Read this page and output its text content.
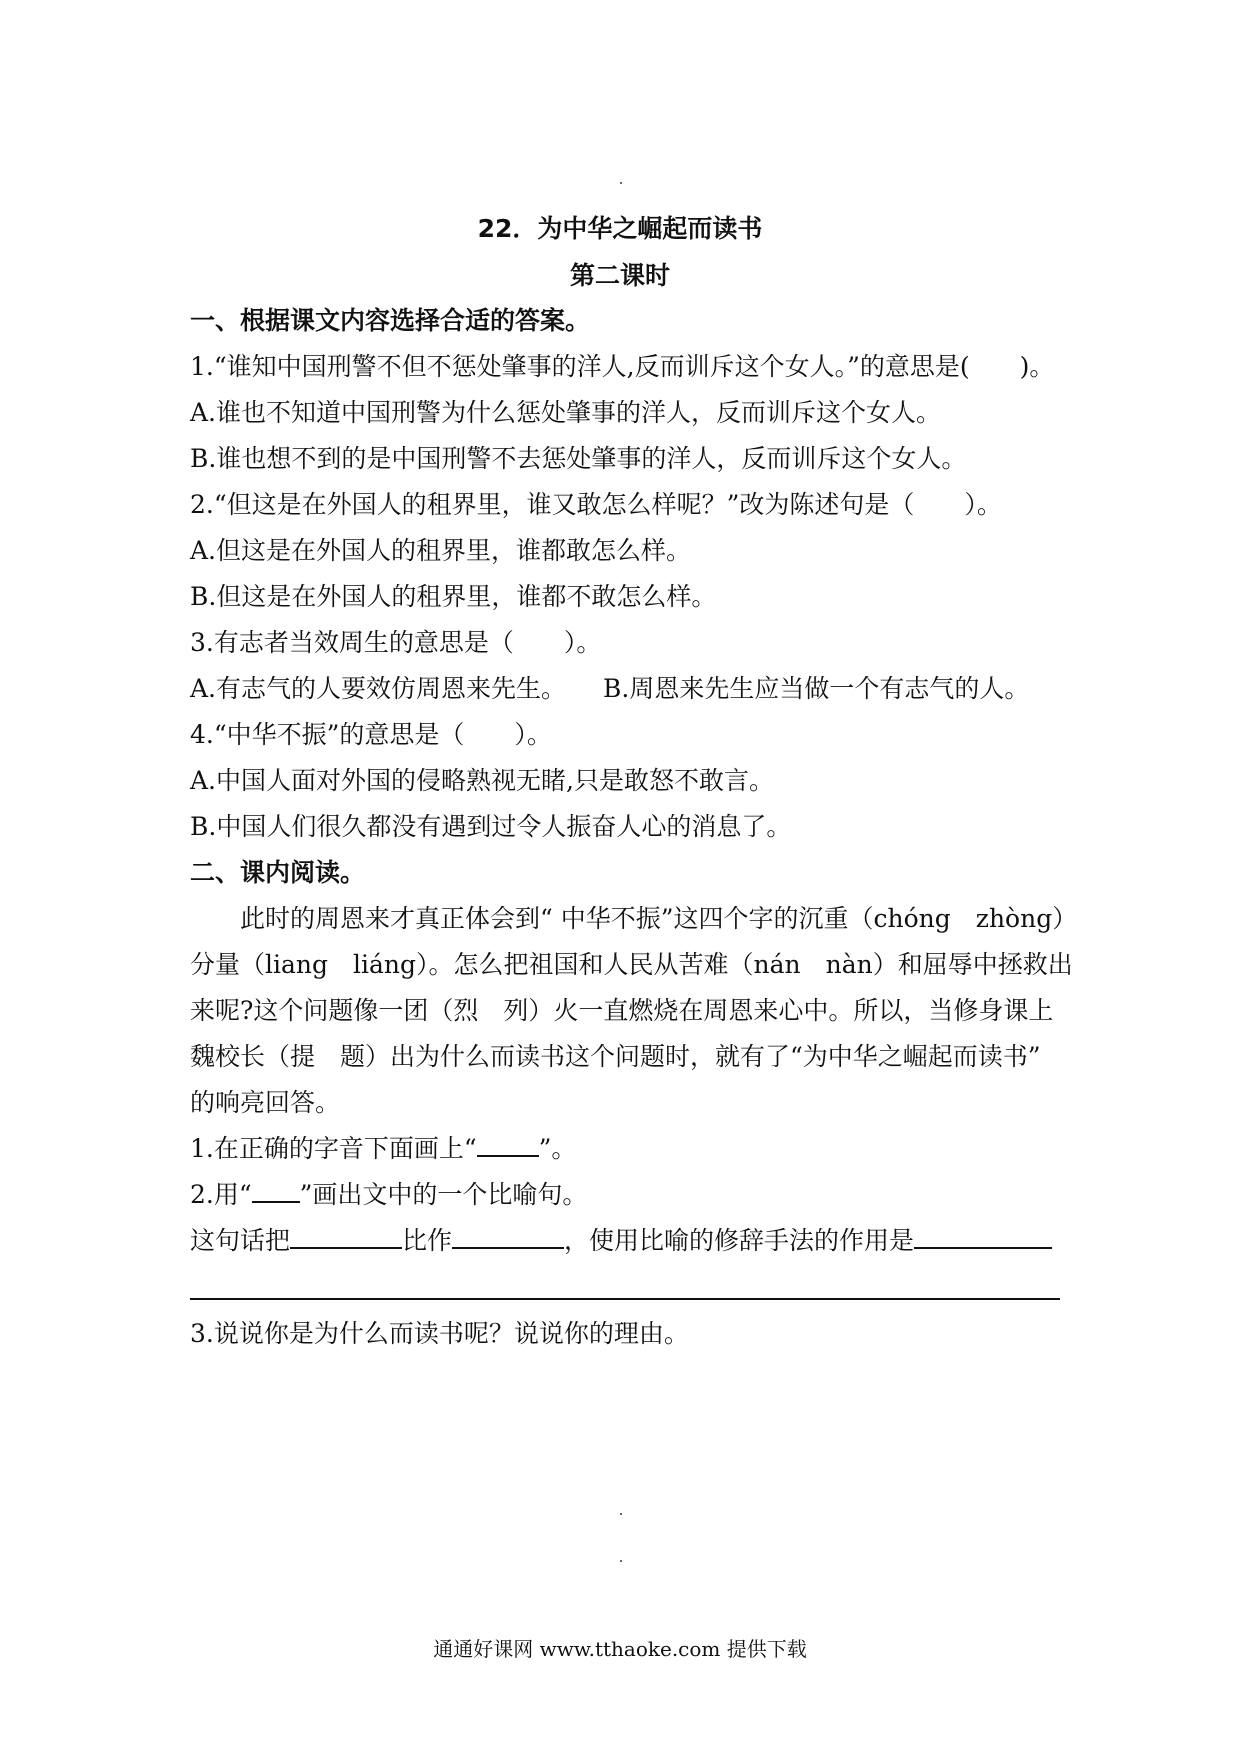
22．为中华之崛起而读书
第二课时
一、根据课文内容选择合适的答案。
1.“谁知中国刑警不但不惩处肇事的洋人,反而训斥这个女人。”的意思是(　　)。
A.谁也不知道中国刑警为什么惩处肇事的洋人，反而训斥这个女人。
B.谁也想不到的是中国刑警不去惩处肇事的洋人，反而训斥这个女人。
2.“但这是在外国人的租界里，谁又敢怎么样呢？”改为陈述句是（　　）。
A.但这是在外国人的租界里，谁都敢怎么样。
B.但这是在外国人的租界里，谁都不敢怎么样。
3.有志者当效周生的意思是（　　）。
A.有志气的人要效仿周恩来先生。 B.周恩来先生应当做一个有志气的人。
4.“中华不振”的意思是（　　）。
A.中国人面对外国的侵略熟视无睹,只是敢怒不敢言。
B.中国人们很久都没有遇到过令人振奋人心的消息了。
二、课内阅读。
此时的周恩来才真正体会到“ 中华不振”这四个字的沉重（chóng　zhòng）
分量（liang　liáng）。怎么把祖国和人民从苦难（nán　nàn）和屈辱中拯救出
来呢?这个问题像一团（烈　列）火一直燃烧在周恩来心中。所以，当修身课上
魏校长（提　题）出为什么而读书这个问题时，就有了“为中华之崛起而读书”
的响亮回答。
1.在正确的字音下面画上“ ”。
2.用“ ”画出文中的一个比喻句。
这句话把	比作	，使用比喻的修辞手法的作用是
3.说说你是为什么而读书呢？说说你的理由。
通通好课网 www.tthaoke.com 提供下载
